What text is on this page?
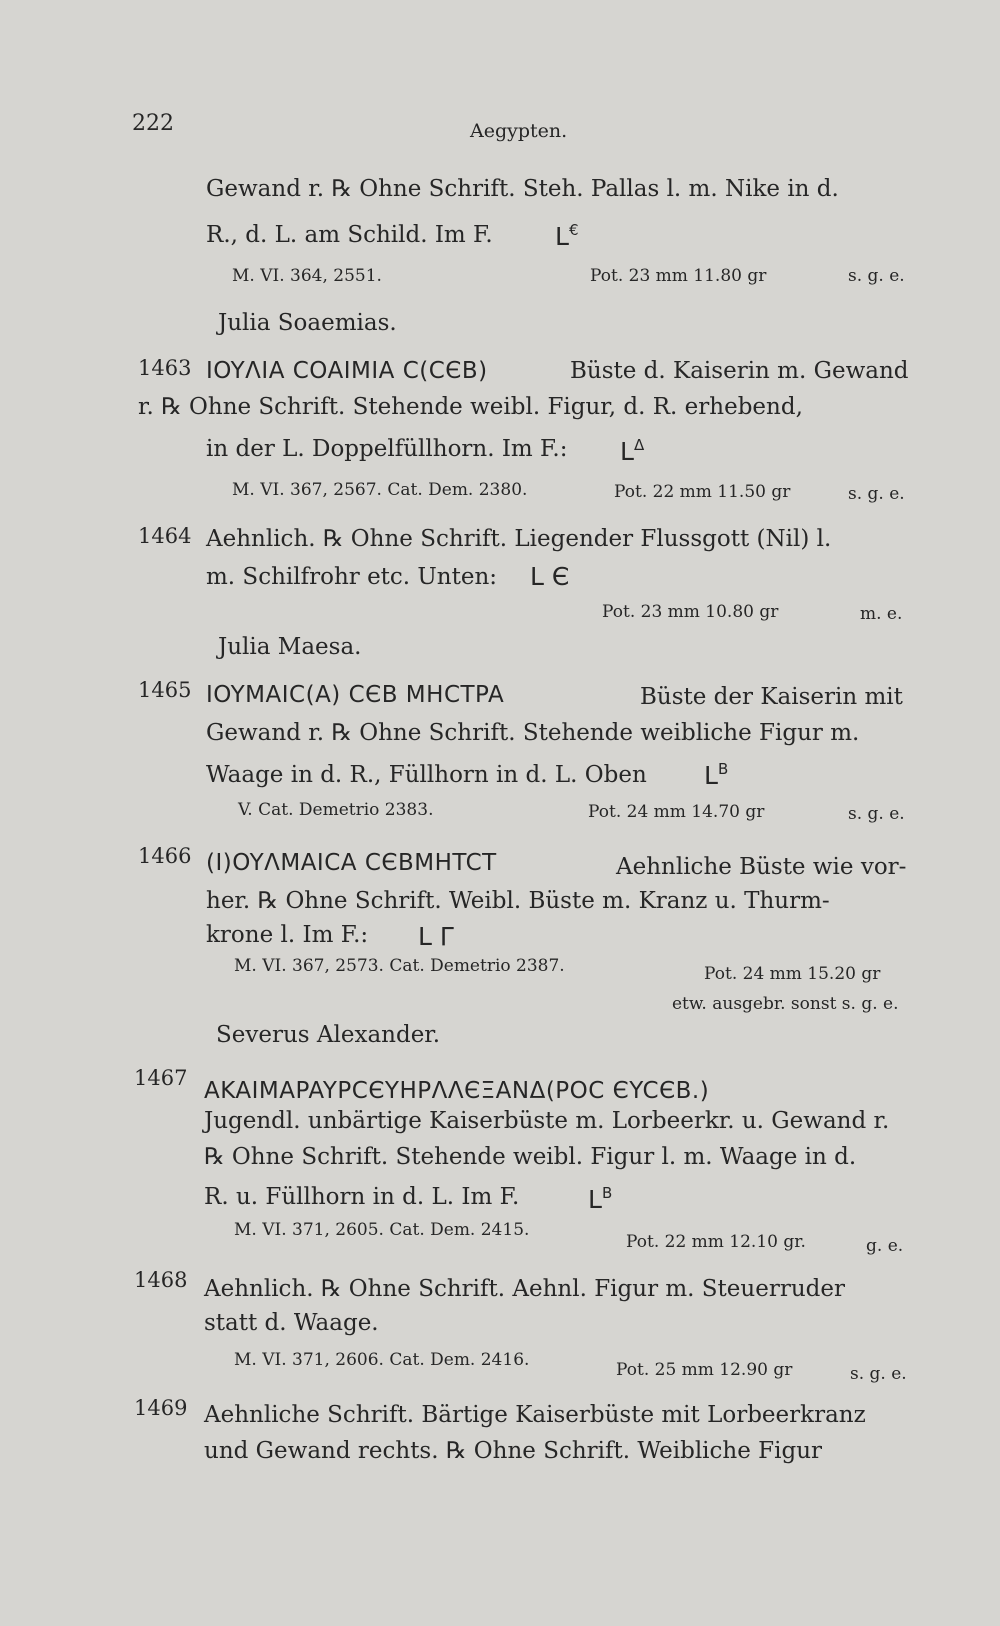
222	Aegypten.
Gewand r. ℞ Ohne Schrift. Steh. Pallas l. m. Nike in d.
R., d. L. am Schild. Im F. L€
M. VI. 364, 2551.	Pot. 23 mm 11.80 gr	s. g. e.
Julia Soaemias.
1463 IOYΛIA COAIMIA C(CЄB)	Büste d. Kaiserin m. Gewand
r. ℞ Ohne Schrift. Stehende weibl. Figur, d. R. erhebend,
in der L. Doppelfüllhorn. Im F.: $L^\Delta$
M. VI. 367, 2567. Cat. Dem. 2380.	Pot. 22 mm 11.50 gr	s. g. e.
1464 Aehnlich. ℞ Ohne Schrift. Liegender Flussgott (Nil) l.
m. Schilfrohr etc. Unten: L Є
Pot. 23 mm 10.80 gr	m. e.
Julia Maesa.
1465 IOYMAIC(A) CЄB MHCTPA	Büste der Kaiserin mit
Gewand r. ℞ Ohne Schrift. Stehende weibliche Figur m.
Waage in d. R., Füllhorn in d. L. Oben $L^B$
V. Cat. Demetrio 2383.	Pot. 24 mm 14.70 gr	s. g. e.
1466 (I)OYΛMAICA CЄBMHTCT	Aehnliche Büste wie vor-
her. ℞ Ohne Schrift. Weibl. Büste m. Kranz u. Thurm-
krone l. Im F.: L Γ
M. VI. 367, 2573. Cat. Demetrio 2387.	Pot. 24 mm 15.20 gr
etw. ausgebr. sonst s. g. e.
Severus Alexander.
1467 AKAIMAPAYPCЄYHPΛΛЄΞANΔ(POC ЄYCЄB.)
Jugendl. unbärtige Kaiserbüste m. Lorbeerkr. u. Gewand r.
℞ Ohne Schrift. Stehende weibl. Figur l. m. Waage in d.
R. u. Füllhorn in d. L. Im F.	$L^B$
M. VI. 371, 2605. Cat. Dem. 2415.
Pot. 22 mm 12.10 gr.	g. e.
1468 Aehnlich. ℞ Ohne Schrift. Aehnl. Figur m. Steuerruder
statt d. Waage.
M. VI. 371, 2606. Cat. Dem. 2416.	Pot. 25 mm 12.90 gr	s. g. e.
1469 Aehnliche Schrift. Bärtige Kaiserbüste mit Lorbeerkranz
und Gewand rechts. ℞ Ohne Schrift. Weibliche Figur
